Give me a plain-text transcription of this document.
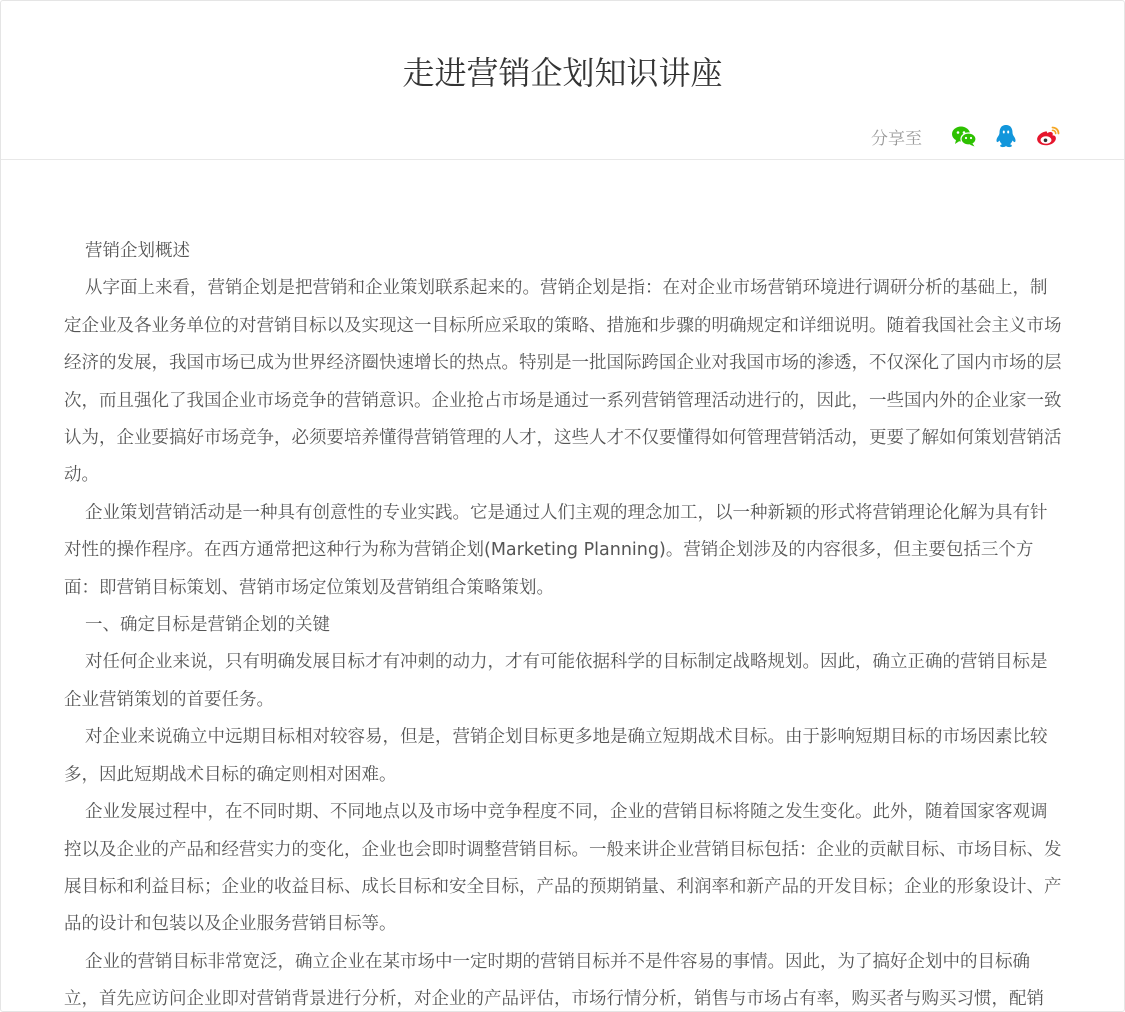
走进营销企划知识讲座
分享至

营销企划概述

从字面上来看，营销企划是把营销和企业策划联系起来的。营销企划是指：在对企业市场营销环境进行调研分析的基础上，制定企业及各业务单位的对营销目标以及实现这一目标所应采取的策略、措施和步骤的明确规定和详细说明。随着我国社会主义市场经济的发展，我国市场已成为世界经济圈快速增长的热点。特别是一批国际跨国企业对我国市场的渗透，不仅深化了国内市场的层次，而且强化了我国企业市场竞争的营销意识。企业抢占市场是通过一系列营销管理活动进行的，因此，一些国内外的企业家一致认为，企业要搞好市场竞争，必须要培养懂得营销管理的人才，这些人才不仅要懂得如何管理营销活动，更要了解如何策划营销活动。

企业策划营销活动是一种具有创意性的专业实践。它是通过人们主观的理念加工，以一种新颖的形式将营销理论化解为具有针对性的操作程序。在西方通常把这种行为称为营销企划(Marketing Planning)。营销企划涉及的内容很多，但主要包括三个方面：即营销目标策划、营销市场定位策划及营销组合策略策划。

一、确定目标是营销企划的关键

对任何企业来说，只有明确发展目标才有冲刺的动力，才有可能依据科学的目标制定战略规划。因此，确立正确的营销目标是企业营销策划的首要任务。

对企业来说确立中远期目标相对较容易，但是，营销企划目标更多地是确立短期战术目标。由于影响短期目标的市场因素比较多，因此短期战术目标的确定则相对困难。

企业发展过程中，在不同时期、不同地点以及市场中竞争程度不同，企业的营销目标将随之发生变化。此外，随着国家客观调控以及企业的产品和经营实力的变化，企业也会即时调整营销目标。一般来讲企业营销目标包括：企业的贡献目标、市场目标、发展目标和利益目标；企业的收益目标、成长目标和安全目标，产品的预期销量、利润率和新产品的开发目标；企业的形象设计、产品的设计和包装以及企业服务营销目标等。

企业的营销目标非常宽泛，确立企业在某市场中一定时期的营销目标并不是件容易的事情。因此，为了搞好企划中的目标确立，首先应访问企业即对营销背景进行分析，对企业的产品评估，市场行情分析，销售与市场占有率，购买者与购买习惯，配销
